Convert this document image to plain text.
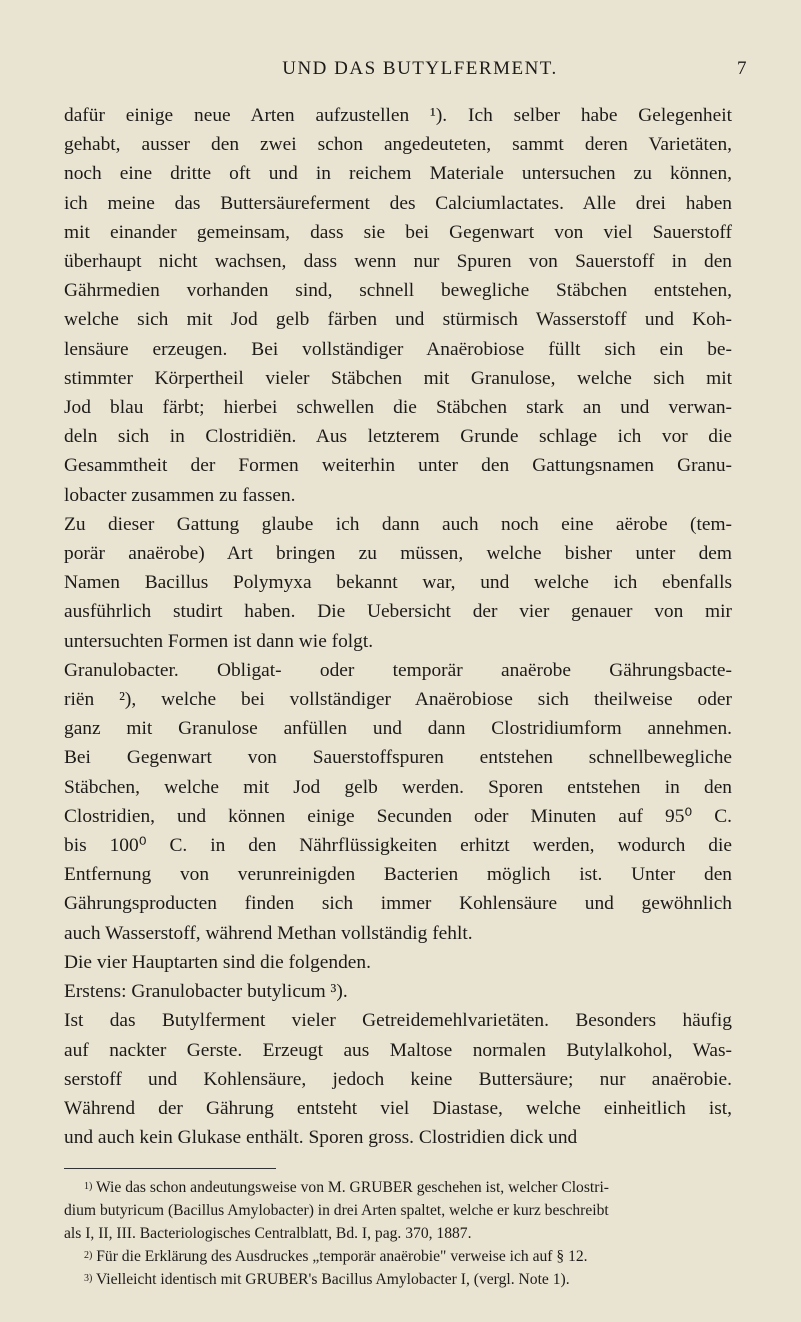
UND DAS BUTYLFERMENT.	7

dafür einige neue Arten aufzustellen ¹). Ich selber habe Gelegenheit
gehabt, ausser den zwei schon angedeuteten, sammt deren Varietäten,
noch eine dritte oft und in reichem Materiale untersuchen zu können,
ich meine das Buttersäureferment des Calciumlactates. Alle drei haben
mit einander gemeinsam, dass sie bei Gegenwart von viel Sauerstoff
überhaupt nicht wachsen, dass wenn nur Spuren von Sauerstoff in den
Gährmedien vorhanden sind, schnell bewegliche Stäbchen entstehen,
welche sich mit Jod gelb färben und stürmisch Wasserstoff und Koh-
lensäure erzeugen. Bei vollständiger Anaërobiose füllt sich ein be-
stimmter Körpertheil vieler Stäbchen mit Granulose, welche sich mit
Jod blau färbt; hierbei schwellen die Stäbchen stark an und verwan-
deln sich in Clostridiën. Aus letzterem Grunde schlage ich vor die
Gesammtheit der Formen weiterhin unter den Gattungsnamen Granu-
lobacter zusammen zu fassen.

Zu dieser Gattung glaube ich dann auch noch eine aërobe (tem-
porär anaërobe) Art bringen zu müssen, welche bisher unter dem
Namen Bacillus Polymyxa bekannt war, und welche ich ebenfalls
ausführlich studirt haben. Die Uebersicht der vier genauer von mir
untersuchten Formen ist dann wie folgt.

Granulobacter. Obligat- oder temporär anaërobe Gährungsbacte-
riën ²), welche bei vollständiger Anaërobiose sich theilweise oder
ganz mit Granulose anfüllen und dann Clostridiumform annehmen.
Bei Gegenwart von Sauerstoffspuren entstehen schnellbewegliche
Stäbchen, welche mit Jod gelb werden. Sporen entstehen in den
Clostridien, und können einige Secunden oder Minuten auf 95⁰ C.
bis 100⁰ C. in den Nährflüssigkeiten erhitzt werden, wodurch die
Entfernung von verunreinigden Bacterien möglich ist. Unter den
Gährungsproducten finden sich immer Kohlensäure und gewöhnlich
auch Wasserstoff, während Methan vollständig fehlt.

Die vier Hauptarten sind die folgenden.

Erstens: Granulobacter butylicum ³).

Ist das Butylferment vieler Getreidemehlvarietäten. Besonders häufig
auf nackter Gerste. Erzeugt aus Maltose normalen Butylalkohol, Was-
serstoff und Kohlensäure, jedoch keine Buttersäure; nur anaërobie.
Während der Gährung entsteht viel Diastase, welche einheitlich ist,
und auch kein Glukase enthält. Sporen gross. Clostridien dick und

$^{1)}$ Wie das schon andeutungsweise von M. GRUBER geschehen ist, welcher Clostri-
dium butyricum (Bacillus Amylobacter) in drei Arten spaltet, welche er kurz beschreibt
als I, II, III. Bacteriologisches Centralblatt, Bd. I, pag. 370, 1887.
$^{2)}$ Für die Erklärung des Ausdruckes „temporär anaërobie" verweise ich auf § 12.
$^{3)}$ Vielleicht identisch mit GRUBER's Bacillus Amylobacter I, (vergl. Note 1).
